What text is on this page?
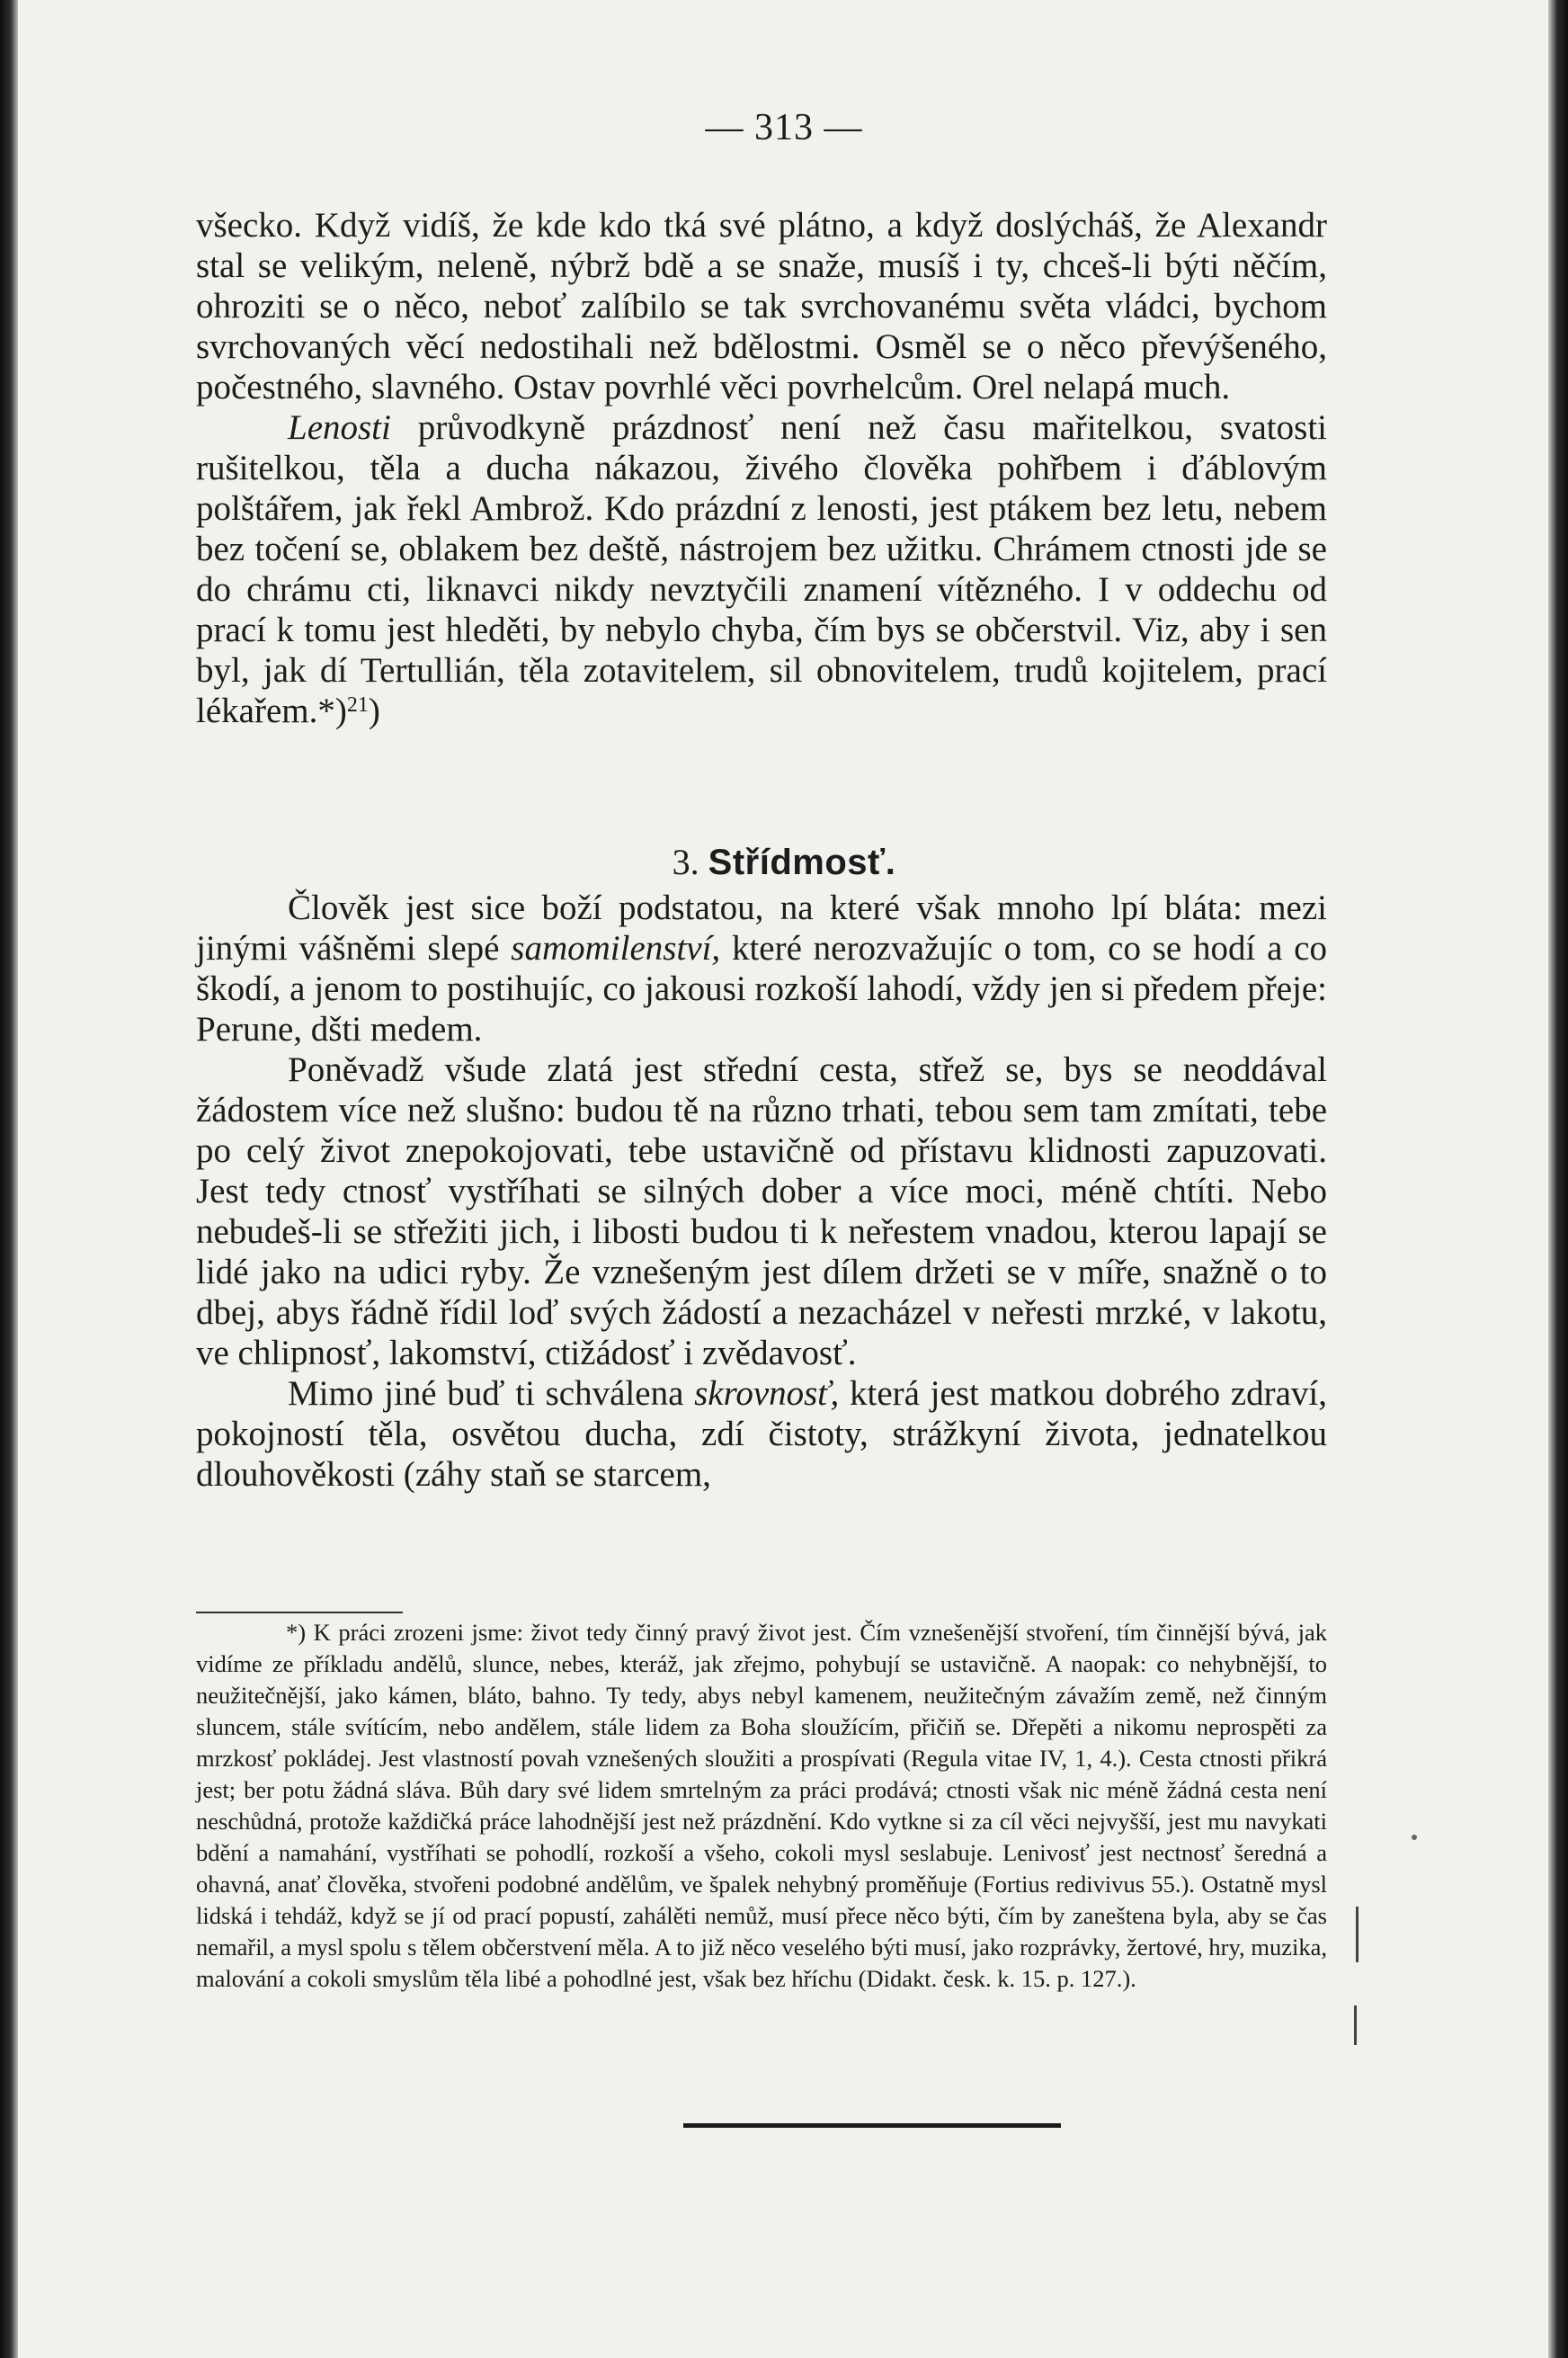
— 313 —

všecko. Když vidíš, že kde kdo tká své plátno, a když doslýcháš, že Alexandr stal se velikým, neleně, nýbrž bdě a se snaže, musíš i ty, chceš-li býti něčím, ohroziti se o něco, neboť zalíbilo se tak svrchovanému světa vládci, bychom svrchovaných věcí nedostihali než bdělostmi. Osměl se o něco převýšeného, počestného, slavného. Ostav povrhlé věci povrhelcům. Orel nelapá much.

Lenosti průvodkyně prázdnosť není než času mařitelkou, svatosti rušitelkou, těla a ducha nákazou, živého člověka pohřbem i ďáblovým polštářem, jak řekl Ambrož. Kdo prázdní z lenosti, jest ptákem bez letu, nebem bez točení se, oblakem bez deště, nástrojem bez užitku. Chrámem ctnosti jde se do chrámu cti, liknavci nikdy nevztyčili znamení vítězného. I v oddechu od prací k tomu jest hleděti, by nebylo chyba, čím bys se občerstvil. Viz, aby i sen byl, jak dí Tertullián, těla zotavitelem, sil obnovitelem, trudů kojitelem, prací lékařem.*)$^{21}$)

3. Střídmosť.

Člověk jest sice boží podstatou, na které však mnoho lpí bláta: mezi jinými vášněmi slepé samomilenství, které nerozvažujíc o tom, co se hodí a co škodí, a jenom to postihujíc, co jakousi rozkoší lahodí, vždy jen si předem přeje: Perune, dšti medem.

Poněvadž všude zlatá jest střední cesta, střež se, bys se neoddával žádostem více než slušno: budou tě na různo trhati, tebou sem tam zmítati, tebe po celý život znepokojovati, tebe ustavičně od přístavu klidnosti zapuzovati. Jest tedy ctnosť vystříhati se silných dober a více moci, méně chtíti. Nebo nebudeš-li se střežiti jich, i libosti budou ti k neřestem vnadou, kterou lapají se lidé jako na udici ryby. Že vznešeným jest dílem držeti se v míře, snažně o to dbej, abys řádně řídil loď svých žádostí a nezacházel v neřesti mrzké, v lakotu, ve chlipnosť, lakomství, ctižádosť i zvědavosť.

Mimo jiné buď ti schválena skrovnosť, která jest matkou dobrého zdraví, pokojností těla, osvětou ducha, zdí čistoty, strážkyní života, jednatelkou dlouhověkosti (záhy staň se starcem,

*) K práci zrozeni jsme: život tedy činný pravý život jest. Čím vznešenější stvoření, tím činnější bývá, jak vidíme ze příkladu andělů, slunce, nebes, kteráž, jak zřejmo, pohybují se ustavičně. A naopak: co nehybnější, to neužitečnější, jako kámen, bláto, bahno. Ty tedy, abys nebyl kamenem, neužitečným závažím země, než činným sluncem, stále svítícím, nebo andělem, stále lidem za Boha sloužícím, přičiň se. Dřepěti a nikomu neprospěti za mrzkosť pokládej. Jest vlastností povah vznešených sloužiti a prospívati (Regula vitae IV, 1, 4.). Cesta ctnosti přikrá jest; ber potu žádná sláva. Bůh dary své lidem smrtelným za práci prodává; ctnosti však nic méně žádná cesta není neschůdná, protože každičká práce lahodnější jest než prázdnění. Kdo vytkne si za cíl věci nejvyšší, jest mu navykati bdění a namahání, vystříhati se pohodlí, rozkoší a všeho, cokoli mysl seslabuje. Lenivosť jest nectnosť šeredná a ohavná, anať člověka, stvořeni podobné andělům, ve špalek nehybný proměňuje (Fortius redivivus 55.). Ostatně mysl lidská i tehdáž, když se jí od prací popustí, zahálěti nemůž, musí přece něco býti, čím by zaneštena byla, aby se čas nemařil, a mysl spolu s tělem občerstvení měla. A to již něco veselého býti musí, jako rozprávky, žertové, hry, muzika, malování a cokoli smyslům těla libé a pohodlné jest, však bez hříchu (Didakt. česk. k. 15. p. 127.).
